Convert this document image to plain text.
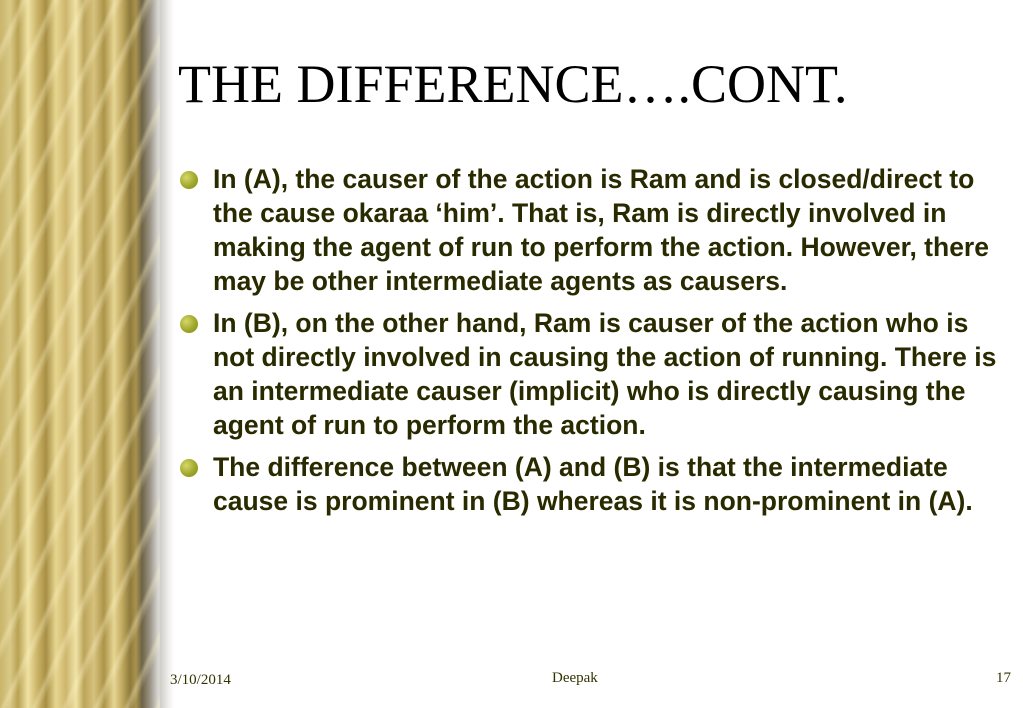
THE DIFFERENCE….CONT.
In (A), the causer of the action is Ram and is closed/direct to the cause okaraa ‘him’. That is, Ram is directly involved in making the agent of run to perform the action. However, there may be other intermediate agents as causers.
In (B), on the other hand, Ram is causer of the action who is not directly involved in causing the action of running. There is an intermediate causer (implicit) who is directly causing the agent of run to perform the action.
The difference between (A) and (B) is that the intermediate cause is prominent in (B) whereas it is non-prominent in (A).
3/10/2014	Deepak	17
